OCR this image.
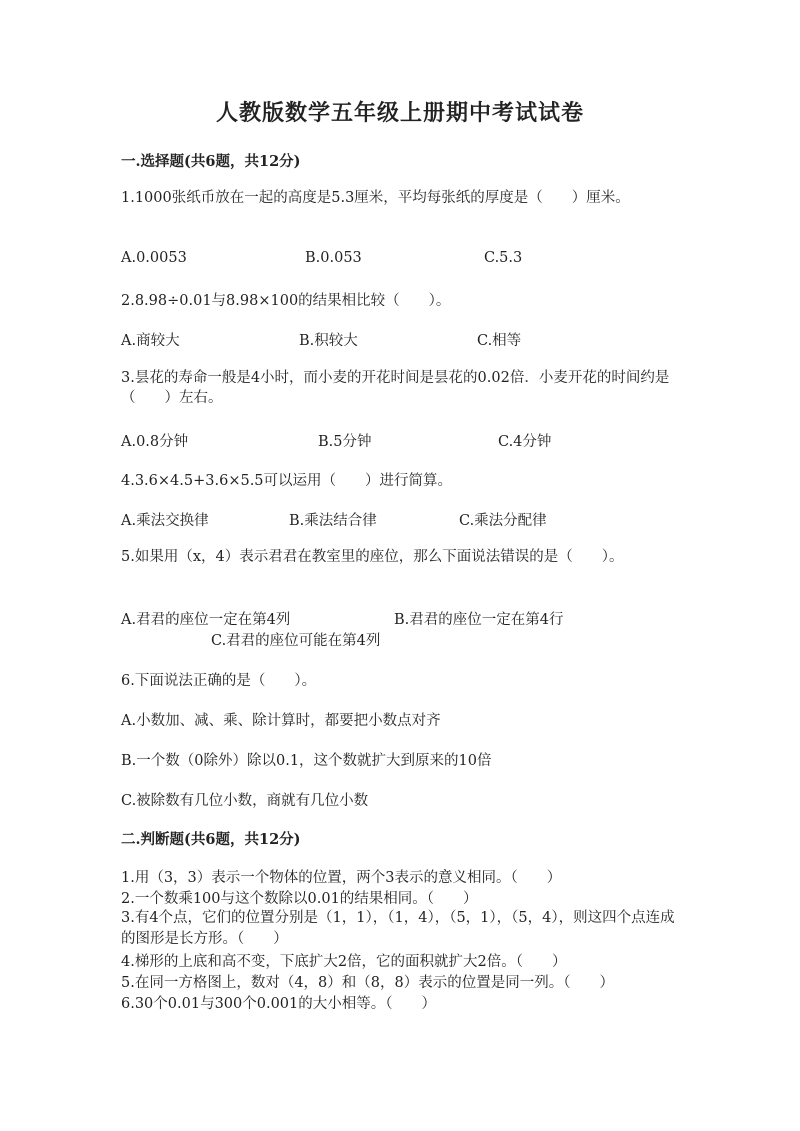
人教版数学五年级上册期中考试试卷
一.选择题(共6题，共12分)
1.1000张纸币放在一起的高度是5.3厘米，平均每张纸的厚度是（　　）厘米。
A.0.0053	B.0.053	C.5.3
2.8.98÷0.01与8.98×100的结果相比较（　　）。
A.商较大	B.积较大	C.相等
3.昙花的寿命一般是4小时，而小麦的开花时间是昙花的0.02倍．小麦开花的时间约是（　　）左右。
A.0.8分钟	B.5分钟	C.4分钟
4.3.6×4.5+3.6×5.5可以运用（　　）进行简算。
A.乘法交换律	B.乘法结合律	C.乘法分配律
5.如果用（x，4）表示君君在教室里的座位，那么下面说法错误的是（　　）。
A.君君的座位一定在第4列	B.君君的座位一定在第4行
C.君君的座位可能在第4列
6.下面说法正确的是（　　）。
A.小数加、减、乘、除计算时，都要把小数点对齐
B.一个数（0除外）除以0.1，这个数就扩大到原来的10倍
C.被除数有几位小数，商就有几位小数
二.判断题(共6题，共12分)
1.用（3，3）表示一个物体的位置，两个3表示的意义相同。（　　）
2.一个数乘100与这个数除以0.01的结果相同。（　　）
3.有4个点，它们的位置分别是（1，1），（1，4），（5，1），（5，4），则这四个点连成的图形是长方形。（　　）
4.梯形的上底和高不变，下底扩大2倍，它的面积就扩大2倍。（　　）
5.在同一方格图上，数对（4，8）和（8，8）表示的位置是同一列。（　　）
6.30个0.01与300个0.001的大小相等。（　　）
